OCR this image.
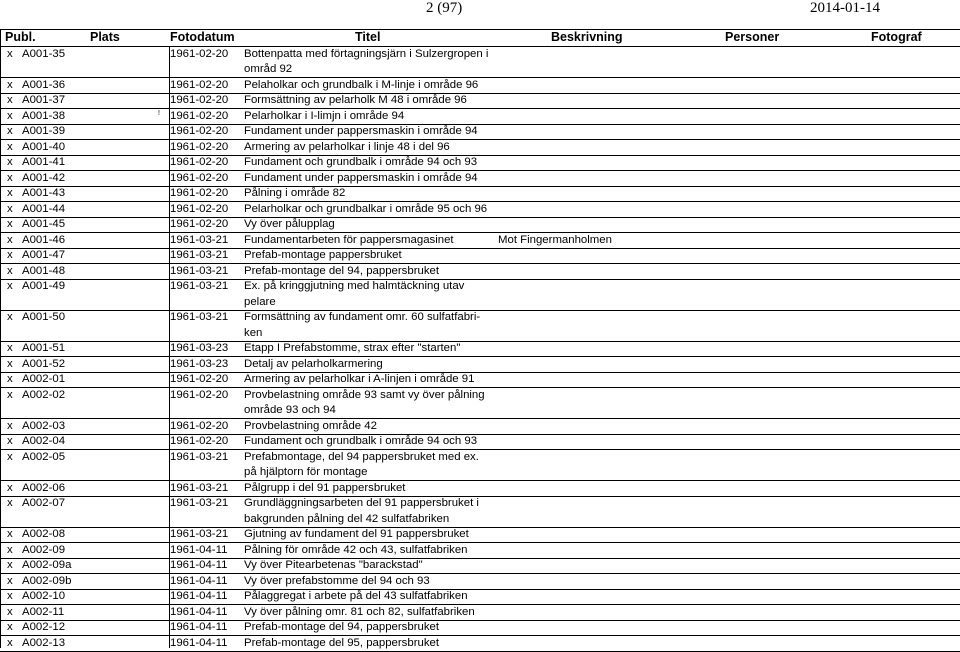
2 (97)	2014-01-14
Publ.	Plats	Fotodatum	Titel	Beskrivning	Personer	Fotograf
x A001-35	1961-02-20 Bottenpatta med förtagningsjärn i Sulzergropen i
områd 92
x A001-36	1961-02-20 Pelaholkar och grundbalk i M-linje i område 96
x A001-37	1961-02-20 Formsättning av pelarholk M 48 i område 96
x A001-38	1961-02-20 Pelarholkar i I-limjn i område 94
!
x A001-39	1961-02-20 Fundament under pappersmaskin i område 94
x A001-40	1961-02-20 Armering av pelarholkar i linje 48 i del 96
x A001-41	1961-02-20 Fundament och grundbalk i område 94 och 93
x A001-42	1961-02-20 Fundament under pappersmaskin i område 94
x A001-43	1961-02-20 Pålning i område 82
x A001-44	1961-02-20 Pelarholkar och grundbalkar i område 95 och 96
x A001-45	1961-02-20 Vy över pålupplag
x A001-46	1961-03-21 Fundamentarbeten för pappersmagasinet	Mot Fingermanholmen
x A001-47	1961-03-21 Prefab-montage pappersbruket
x A001-48	1961-03-21 Prefab-montage del 94, pappersbruket
x A001-49	1961-03-21 Ex. på kringgjutning med halmtäckning utav
pelare
x A001-50	1961-03-21 Formsättning av fundament omr. 60 sulfatfabri-
ken
x A001-51	1961-03-23 Etapp I Prefabstomme, strax efter "starten"
x A001-52	1961-03-23 Detalj av pelarholkarmering
x A002-01	1961-02-20 Armering av pelarholkar i A-linjen i område 91
x A002-02	1961-02-20 Provbelastning område 93 samt vy över pålning
område 93 och 94
x A002-03	1961-02-20 Provbelastning område 42
x A002-04	1961-02-20 Fundament och grundbalk i område 94 och 93
x A002-05	1961-03-21 Prefabmontage, del 94 pappersbruket med ex.
på hjälptorn för montage
x A002-06	1961-03-21 Pålgrupp i del 91 pappersbruket
x A002-07	1961-03-21 Grundläggningsarbeten del 91 pappersbruket i
bakgrunden pålning del 42 sulfatfabriken
x A002-08	1961-03-21 Gjutning av fundament del 91 pappersbruket
x A002-09	1961-04-11 Pålning för område 42 och 43, sulfatfabriken
x A002-09a	1961-04-11 Vy över Pitearbetenas "barackstad"
x A002-09b	1961-04-11 Vy över prefabstomme del 94 och 93
x A002-10	1961-04-11 Pålaggregat i arbete på del 43 sulfatfabriken
x A002-11	1961-04-11 Vy över pålning omr. 81 och 82, sulfatfabriken
x A002-12	1961-04-11 Prefab-montage del 94, pappersbruket
x A002-13	1961-04-11 Prefab-montage del 95, pappersbruket
